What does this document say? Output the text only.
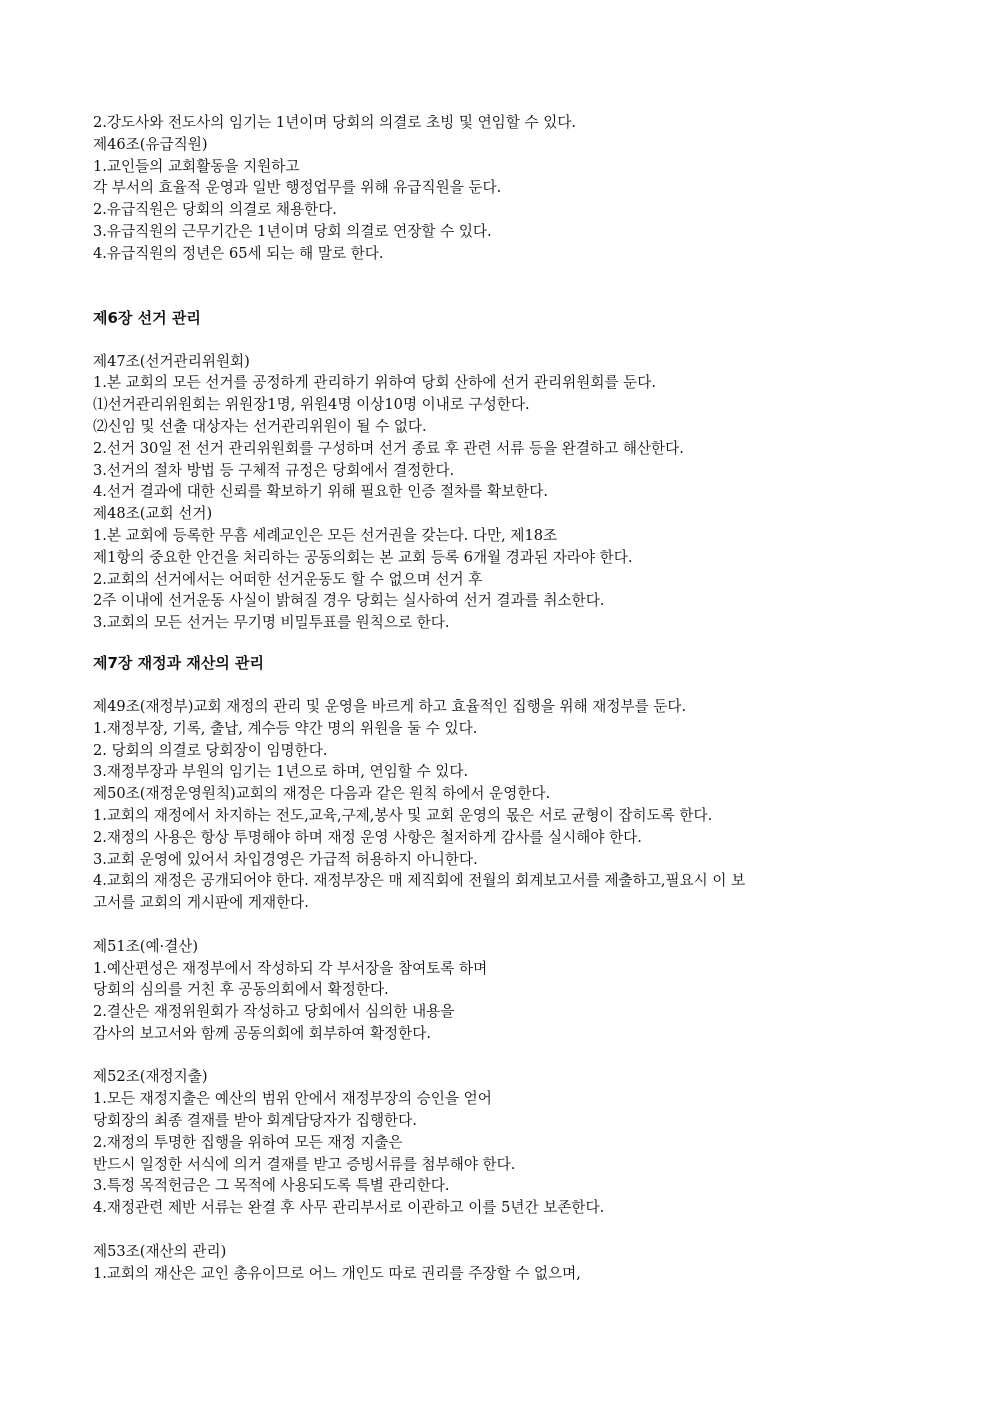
2.강도사와 전도사의 임기는 1년이며 당회의 의결로 초빙 및 연임할 수 있다.
제46조(유급직원)
1.교인들의 교회활동을 지원하고
각 부서의 효율적 운영과 일반 행정업무를 위해 유급직원을 둔다.
2.유급직원은 당회의 의결로 채용한다.
3.유급직원의 근무기간은 1년이며 당회 의결로 연장할 수 있다.
4.유급직원의 정년은 65세 되는 해 말로 한다.
제6장 선거 관리
제47조(선거관리위원회)
1.본 교회의 모든 선거를 공정하게 관리하기 위하여 당회 산하에 선거 관리위원회를 둔다.
⑴선거관리위원회는 위원장1명, 위원4명 이상10명 이내로 구성한다.
⑵신임 및 선출 대상자는 선거관리위원이 될 수 없다.
2.선거 30일 전 선거 관리위원회를 구성하며 선거 종료 후 관련 서류 등을 완결하고 해산한다.
3.선거의 절차 방법 등 구체적 규정은 당회에서 결정한다.
4.선거 결과에 대한 신뢰를 확보하기 위해 필요한 인증 절차를 확보한다.
제48조(교회 선거)
1.본 교회에 등록한 무흠 세례교인은 모든 선거권을 갖는다. 다만, 제18조
제1항의 중요한 안건을 처리하는 공동의회는 본 교회 등록 6개월 경과된 자라야 한다.
2.교회의 선거에서는 어떠한 선거운동도 할 수 없으며 선거 후
2주 이내에 선거운동 사실이 밝혀질 경우 당회는 실사하여 선거 결과를 취소한다.
3.교회의 모든 선거는 무기명 비밀투표를 원칙으로 한다.
제7장 재정과 재산의 관리
제49조(재정부)교회 재정의 관리 및 운영을 바르게 하고 효율적인 집행을 위해 재정부를 둔다.
1.재정부장, 기록, 출납, 계수등 약간 명의 위원을 둘 수 있다.
2. 당회의 의결로 당회장이 임명한다.
3.재정부장과 부원의 임기는 1년으로 하며, 연임할 수 있다.
제50조(재정운영원칙)교회의 재정은 다음과 같은 원칙 하에서 운영한다.
1.교회의 재정에서 차지하는 전도,교육,구제,봉사 및 교회 운영의 몫은 서로 균형이 잡히도록 한다.
2.재정의 사용은 항상 투명해야 하며 재정 운영 사항은 철저하게 감사를 실시해야 한다.
3.교회 운영에 있어서 차입경영은 가급적 허용하지 아니한다.
4.교회의 재정은 공개되어야 한다. 재정부장은 매 제직회에 전월의 회계보고서를 제출하고,필요시 이 보
고서를 교회의 게시판에 게재한다.
제51조(예·결산)
1.예산편성은 재정부에서 작성하되 각 부서장을 참여토록 하며
당회의 심의를 거친 후 공동의회에서 확정한다.
2.결산은 재정위원회가 작성하고 당회에서 심의한 내용을
감사의 보고서와 함께 공동의회에 회부하여 확정한다.
제52조(재정지출)
1.모든 재정지출은 예산의 범위 안에서 재정부장의 승인을 얻어
당회장의 최종 결재를 받아 회계담당자가 집행한다.
2.재정의 투명한 집행을 위하여 모든 재정 지출은
반드시 일정한 서식에 의거 결재를 받고 증빙서류를 첨부해야 한다.
3.특정 목적헌금은 그 목적에 사용되도록 특별 관리한다.
4.재정관련 제반 서류는 완결 후 사무 관리부서로 이관하고 이를 5년간 보존한다.
제53조(재산의 관리)
1.교회의 재산은 교인 총유이므로 어느 개인도 따로 권리를 주장할 수 없으며,
